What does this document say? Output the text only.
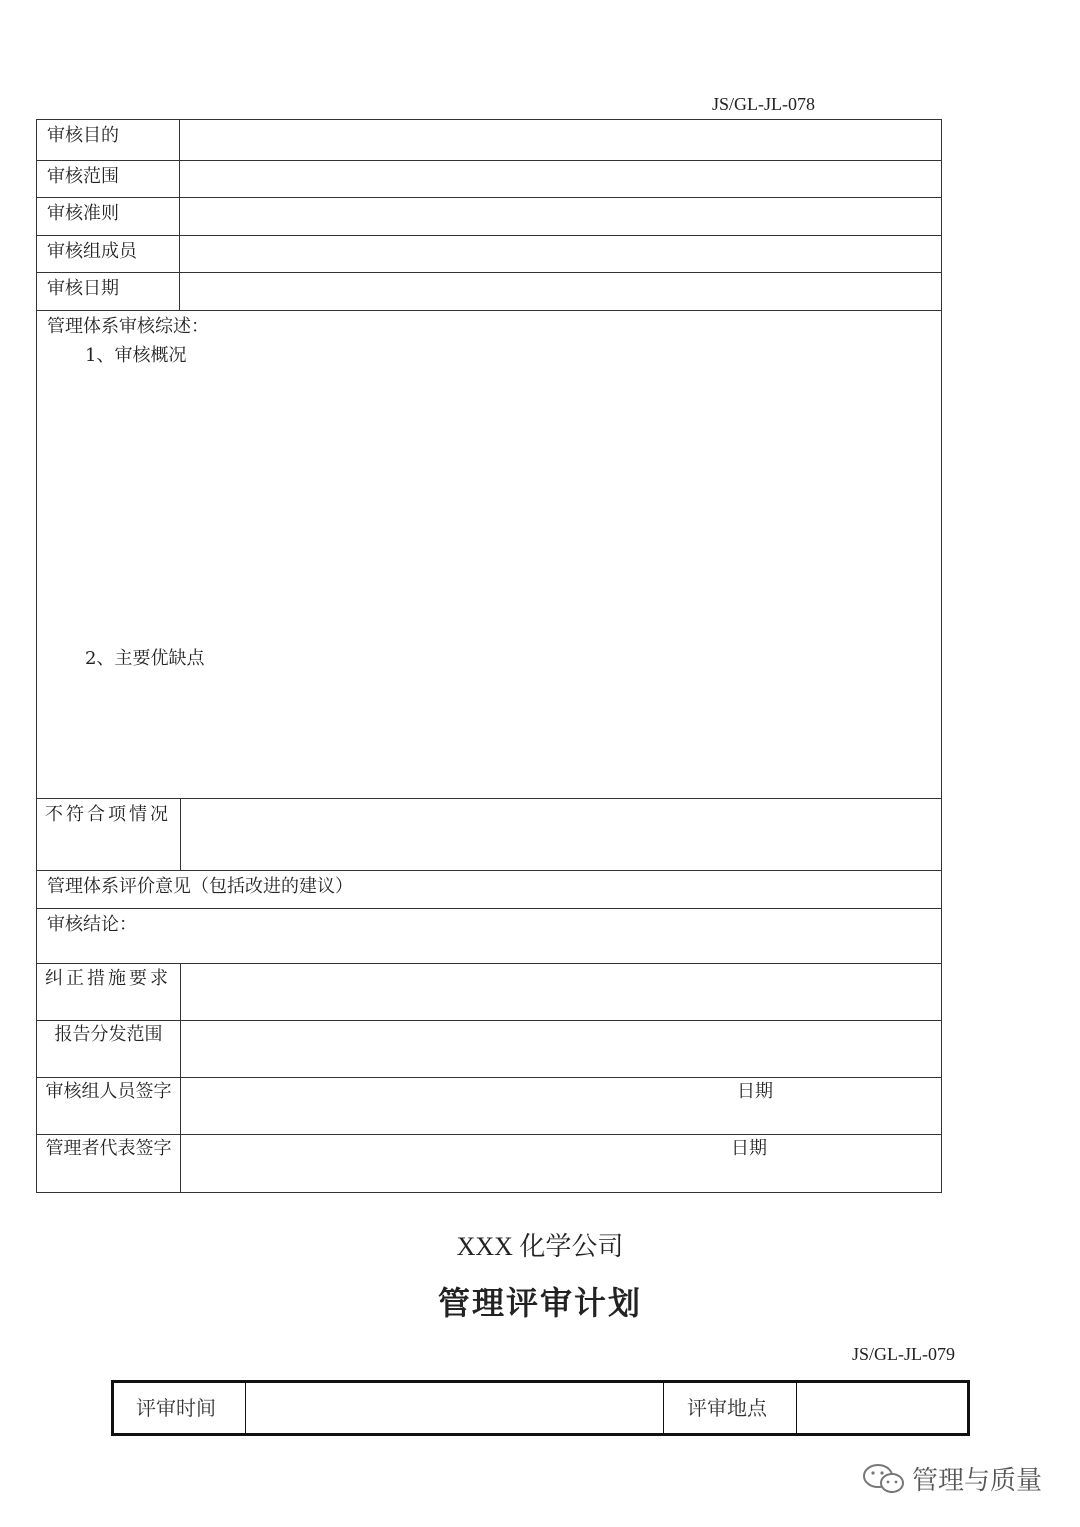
JS/GL-JL-078
审核目的
审核范围
审核准则
审核组成员
审核日期
管理体系审核综述：
1、审核概况
2、主要优缺点
不符合项情况
管理体系评价意见（包括改进的建议）
审核结论：
纠正措施要求
报告分发范围
审核组人员签字	日期
管理者代表签字	日期
XXX 化学公司
管理评审计划
JS/GL-JL-079
评审时间	评审地点
管理与质量
